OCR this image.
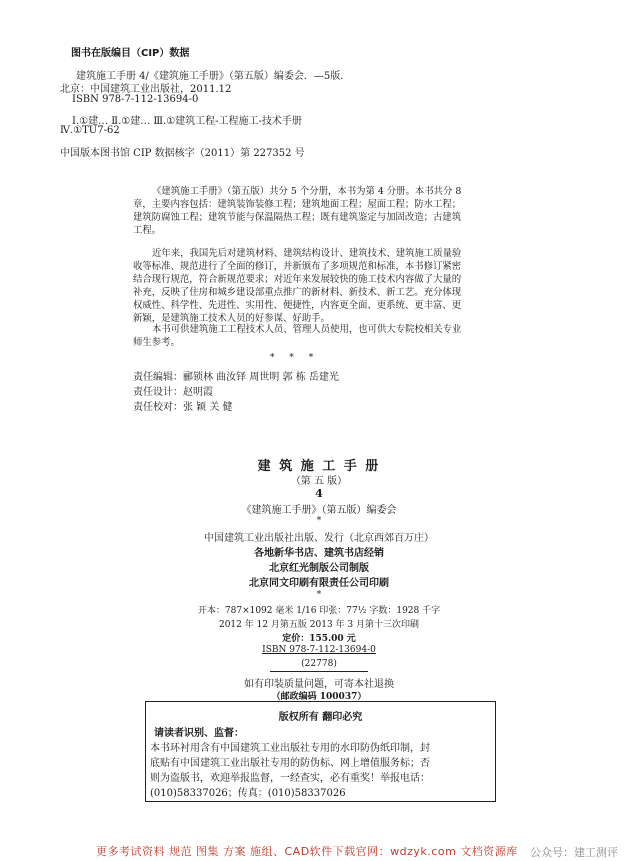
图书在版编目（CIP）数据
建筑施工手册 4/《建筑施工手册》（第五版）编委会．—5版．
北京：中国建筑工业出版社，2011.12
ISBN 978-7-112-13694-0
Ⅰ.①建… Ⅱ.①建… Ⅲ.①建筑工程-工程施工-技术手册
Ⅳ.①TU7-62
中国版本图书馆 CIP 数据核字（2011）第 227352 号
《建筑施工手册》（第五版）共分 5 个分册，本书为第 4 分册。本书共分 8
章，主要内容包括：建筑装饰装修工程；建筑地面工程；屋面工程；防水工程；
建筑防腐蚀工程；建筑节能与保温隔热工程；既有建筑鉴定与加固改造；古建筑
工程。
近年来，我国先后对建筑材料、建筑结构设计、建筑技术、建筑施工质量验
收等标准、规范进行了全面的修订，并新颁布了多项规范和标准，本书修订紧密
结合现行规范，符合新规范要求；对近年来发展较快的施工技术内容做了大量的
补充，反映了住房和城乡建设部重点推广的新材料、新技术、新工艺。充分体现
权威性、科学性、先进性、实用性、便捷性，内容更全面、更系统、更丰富、更
新颖，是建筑施工技术人员的好参谋、好助手。
本书可供建筑施工工程技术人员、管理人员使用，也可供大专院校相关专业
师生参考。
* * *
责任编辑：郦锁林 曲汝铎 周世明 郭 栋 岳建光
责任设计：赵明霞
责任校对：张 颖 关 健
建 筑 施 工 手 册
（第 五 版）
4
《建筑施工手册》（第五版）编委会
*
中国建筑工业出版社出版、发行（北京西郊百万庄）
各地新华书店、建筑书店经销
北京红光制版公司制版
北京同文印刷有限责任公司印刷
*
开本：787×1092 毫米 1/16 印张：77½ 字数：1928 千字
2012 年 12 月第五版 2013 年 3 月第十三次印刷
定价：155.00 元
ISBN 978-7-112-13694-0
(22778)
如有印装质量问题，可寄本社退换
（邮政编码 100037）
版权所有 翻印必究
请读者识别、监督：
本书环衬用含有中国建筑工业出版社专用的水印防伪纸印制，封
底贴有中国建筑工业出版社专用的防伪标、网上增值服务标；否
则为盗版书，欢迎举报监督，一经查实，必有重奖！举报电话：
(010)58337026；传真：(010)58337026
更多考试资料 规范 图集 方案 施组、CAD软件下载官网：wdzyk.com 文档资源库 公众号：建工测评
